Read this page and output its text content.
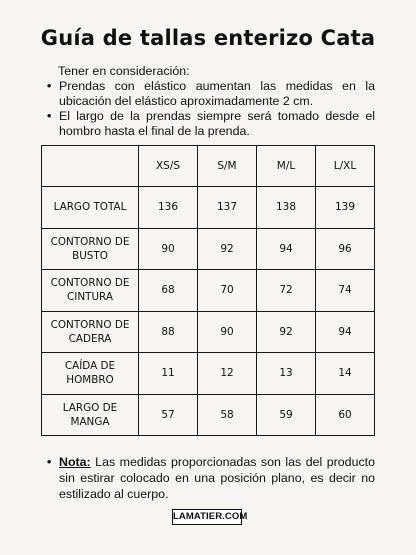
Guía de tallas enterizo Cata

Tener en consideración:

• Prendas con elástico aumentan las medidas en la ubicación del elástico aproximadamente 2 cm.
• El largo de la prendas siempre será tomado desde el hombro hasta el final de la prenda.
	XS/S	S/M	M/L	L/XL
LARGO TOTAL	136	137	138	139
CONTORNO DE BUSTO	90	92	94	96
CONTORNO DE CINTURA	68	70	72	74
CONTORNO DE CADERA	88	90	92	94
CAÍDA DE HOMBRO	11	12	13	14
LARGO DE MANGA	57	58	59	60
• Nota: Las medidas proporcionadas son las del producto sin estirar colocado en una posición plano, es decir no estilizado al cuerpo.
LAMATIER.COM
